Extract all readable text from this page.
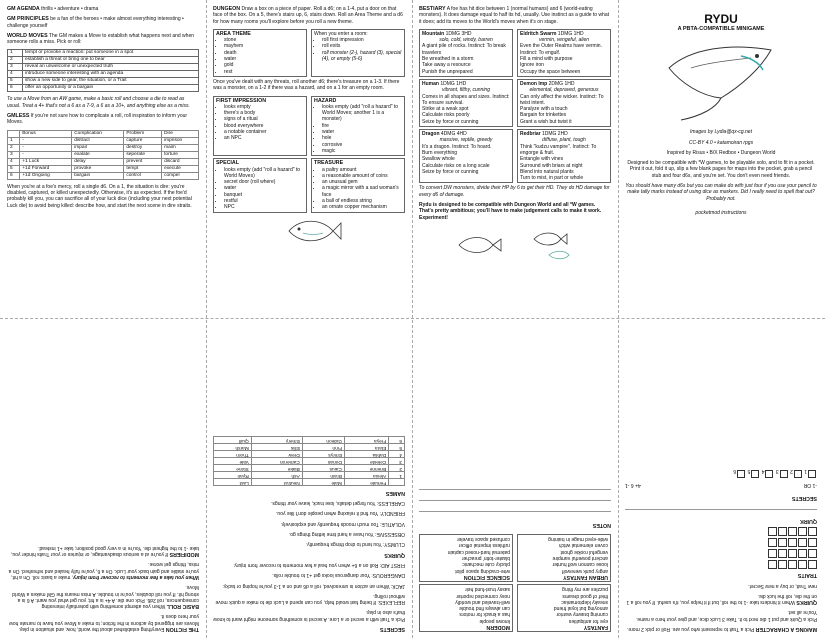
GM AGENDA thrills • adventure • drama

GM PRINCIPLES be a fan of the heroes • make almost everything interesting • challenge yourself

WORLD MOVES The GM makes a Move to establish what happens next and when someone rolls a miss. Pick or roll:

1	tempt or provoke a reaction: put someone in a spot
2	establish a threat or bring one to bear
3	reveal an unwelcome or unexpected truth
4	introduce someone interesting with an agenda
5	show a new side to gear, the situation, or a Trait
6	offer an opportunity or a bargain

To use a Move from an AW game, make a basic roll and choose a die to read as usual. Treat a 4+ that's not a 6 as a 7-9, a 6 as a 10+, and anything else as a miss.

GMLESS If you're not sure how to complicate a roll, roll inspiration to inform your Moves.

	Bonus	Complication	Problem	Dire
1	-	distract	capture	imprison
2	-	impair	destroy	maim
3	-	exalate	seperate	torture
4	+1 Luck	delay	prevent	discard
5	+1d Forward	provoke	tempt	execute
6	+1d Ongoing	bargain	control	compel

When you're at a foe's mercy, roll a single d6. On a 1, the situation is dire: you're disabled, captured, or killed unexpectedly. Otherwise, it's as expected. If the foe'd probably kill you, you can sacrifice all of your luck dice (including your next potential Luck die) to avoid being killed: describe how, and start the next scene in dire straits.

DUNGEON Draw a box on a piece of paper. Roll a d6; on a 1-4, put a door on that face of the box. On a 5, there's stairs up, 6, stairs down. Roll an Area Theme and a d6 for how many rooms you'll explore before you roll a new theme.

AREA THEME
• stone
• mayhem
• death
• water
• gold
• rest
When you enter a room:
• roll first impression
• roll exits
• roll monster (2-), hazard (3), special (4), or empty (5-6)

Once you've dealt with any threats, roll another d6; there's treasure on a 1-3. If there was a monster, on a 1-2 if there was a hazard, and on a 1 for an empty room.

FIRST IMPRESSION
• looks empty
• there's a body
• signs of a ritual
• blood everywhere
• a notable container
• an NPC
HAZARD
• looks empty (add "roll a hazard" to World Moves; another 1 is a monster)
• fire
• water
• hole
• corrosive
• magic
SPECIAL
• looks empty (add "roll a hazard" to World Moves)
• secret door (roll where)
• water
• banquet
• restful
• NPC
TREASURE
• a paltry amount
• a reasonable amount of coins
• an unusual gem
• a magic mirror with a sad woman's face
• a ball of endless string
• an ornate copper mechanism

BESTIARY A foe has hit dice between 1 (normal humans) and 6 (world-eating monsters). It does damage equal to half its hd, usually. Use instinct as a guide to what it does; add its moves to the World's moves when it's on stage.

Mountain 1DMG 3HD
solo, cold, windy, barren
A giant pile of rocks. Instinct: To break travelers
Be wreathed in a storm
Take away a resource
Punish the unprepared
Eldritch Swarm 1DMG 1HD
vermin, vengeful, alien
Even the Outer Realms have vermin. Instinct: To engulf.
Fill a mind with purpose
Ignore iron
Occupy the space between
Human 1DMG 1HD
vibrant, filthy, cunning
Comes in all shapes and sizes. Instinct: To ensure survival.
Strike at a weak spot
Calculate risks poorly
Seize by force or cunning
Demon Imp 2DMG 1HD
elemental, depraved, generous
Can only affect the wicker. Instinct: To twist intent.
Paralyze with a touch
Bargain for trinkettes
Grant a wish but twist it
Dragon 4DMG 4HD
massive, reptile, greedy
It's a dragon. Instinct: To hoard.
Burn everything
Swallow whole
Calculate risks on a long scale
Seize by force or cunning
Redbriar 1DMG 2HD
diffuse, plant, tough
Think "kudzu vampire". Instinct: To engorge & fruit.
Entangle with vines
Surround with briars at night
Blend into natural plants
Turn to mist, in part or whole

To convert DW monsters, divide their HP by 6 to get their HD. They do HD damage for every d6 of damage.

Rydu is designed to be compatible with Dungeon World and all *W games. That's pretty ambitious; you'll have to make judgement calls to make it work. Experiment!

RYDU
A PBTA-COMPATIBLE MINIGAME

Images by Lydia@qx-cg.net

CC-BY 4.0 • katamoiran rpgs

Inspired by Risus • B/X Redbox • Dungeon World

Designed to be compatible with *W games, to be playable solo, and to fit in a pocket. Print it out, fold it up, slip a few blank pages for maps into the pocket, grab a pencil stub and four d6s, and you're set. You don't even need friends.

You should have many d6s but you can make do with just four if you use your pencil to make tally marks instead of using dice as markers. Did I really need to spell that out? Probably not.

pocketmod instructions

THE FICTION Everything established about the world, how, and situation in play. Moves are triggered by actions in the fiction; to make a Move you have to narrate how your hero does it.

BASIC ROLL When you attempt something with potentially interesting consequences, roll 2d6. Pick one die. A 4+ is a hit; you get what you want. A 6 is a strong hit. If you roll doubles, you're in trouble. A miss means the GM makes a World Move.

When you take a few moments to recover from injury, make a basic roll. On a hit, you're stable and gain back your Luck. On a 6, you're fully healed and refreshed. On a miss, things get worse.

MODIFIERS If you're at a serious disadvantage, or injuries or your Traits hinder you, take -1 to the highest die. You're in a very good position; take +1 instead.

SECRETS

Pick a Trait with a secret or a Lore. A secret is something someone might want to know that's also in play.

REFLEXES: If being fast would help, you can spend a Luck die to make a quick move without rolling.

JACK: When an action is unresolved, roll a d6 and on a 1-3 you're hoping or tacky.

DANGEROUS: Your dangerous looks get +1 to trouble rolls.

FIRST AID: Roll on a 6+ when you heal a few moments to recover from injury.

QUIRKS

CLUMSY: You tend to drop things frequently.

OBSESSIVE: You have a hard time letting things go.

VOLATILE: Too much moods frequently and explosively.

FRIENDLY: You find it relaxing when people don't like you.

CARELESS: You forget details, lose track, leave your things.

NAMES

	Female	Male	Neutral	Last
1	Alexia	Bram	Ash	Ryan
2	Brienne	Caius	Blake	Stone
3	Celeste	Dorian	Cameron	Vale
4	Dahlia	Emrys	Drew	Thorn
5	Elara	Finn	Ellis	Marsh
6	Freya	Gideon	Emery	Quill
FANTASY
eye for antiquities
cunning brawny warrior
annoying but loyal friend
sneaky kleptomaniac
thief of good dreams
puzzles are my thing
MODERN
knows people
has a knack for motors
can always find trouble
well-traveled and worldly
nosy connected reporter
sassy trust-fund heir
URBAN FANTASY
angry punk werewolf
loose cannon wolf hunter
ancient powerful vampire
vengeful rookie ghost
coven elemental witch
wide-eyed mage in training
SCIENCE FICTION
wire-cracking space pilot
plucky cute mechanic
blaster-totin' preacher
paternal hard-nosed captain
ruthless imperial officer
confused space traveler
NOTES

MAKING A CHARACTER Pick a Trait to represent who you are. Roll or pick 2 more.

Pick a Quirk and put 1 die next to it. Take 3 Luck dice, and give your hero a name. You're all set.

QUIRKS When it hinders take -1 to the roll, but if it helps you, it's useful. If you roll a 1 on the die, roll the luck die.

new Trait, or buy a new Secret.

TRAITS
QUIRK
SECRETS
-1 OR
4+ 6 -1
1 2 3 4 5 6
